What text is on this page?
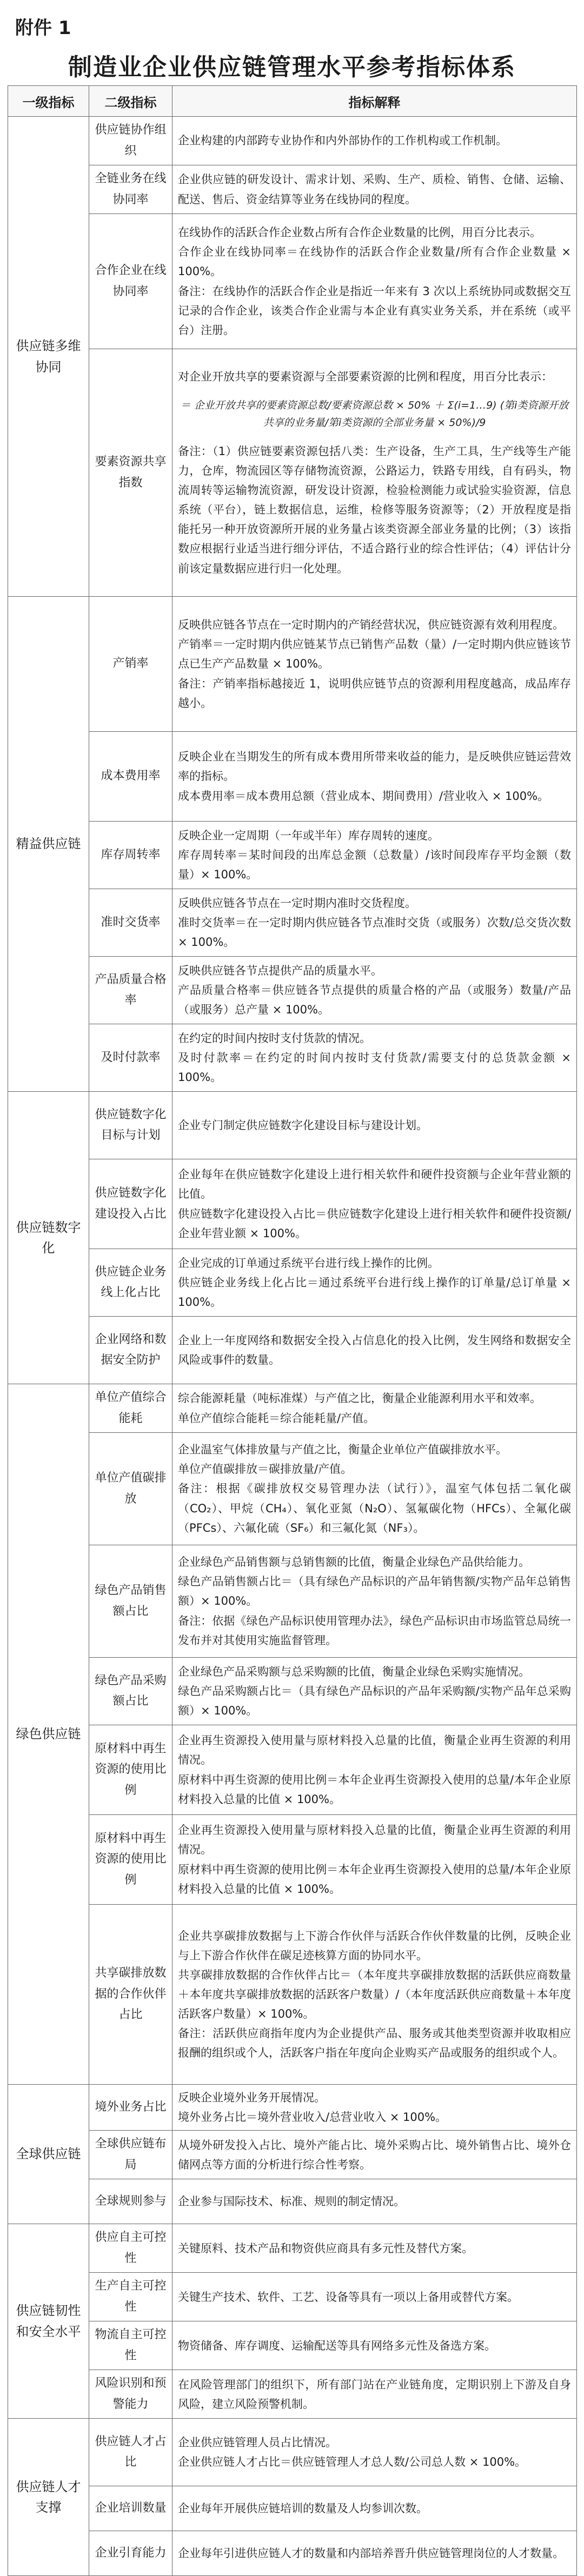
附件 1
制造业企业供应链管理水平参考指标体系
一级指标	二级指标	指标解释
供应链多维协同	供应链协作组织	企业构建的内部跨专业协作和内外部协作的工作机构或工作机制。

	全链业务在线协同率	企业供应链的研发设计、需求计划、采购、生产、质检、销售、仓储、运输、配送、售后、资金结算等业务在线协同的程度。

	合作企业在线协同率	在线协作的活跃合作企业数占所有合作企业数量的比例，用百分比表示。
合作企业在线协同率＝在线协作的活跃合作企业数量/所有合作企业数量 × 100%。
备注：在线协作的活跃合作企业是指近一年来有 3 次以上系统协同或数据交互记录的合作企业，该类合作企业需与本企业有真实业务关系，并在系统（或平台）注册。

	要素资源共享指数	对企业开放共享的要素资源与全部要素资源的比例和程度，用百分比表示：
＝ 企业开放共享的要素资源总数/要素资源总数 × 50% ＋ Σ(i=1…9) (第i类资源开放共享的业务量/第i类资源的全部业务量 × 50%)/9
备注：（1）供应链要素资源包括八类：生产设备，生产工具，生产线等生产能力，仓库，物流园区等存储物流资源，公路运力，铁路专用线，自有码头，物流周转等运输物流资源，研发设计资源，检验检测能力或试验实验资源，信息系统（平台），链上数据信息，运维，检修等服务资源等；（2）开放程度是指能托另一种开放资源所开展的业务量占该类资源全部业务量的比例；（3）该指数应根据行业适当进行细分评估，不适合路行业的综合性评估；（4）评估计分前该定量数据应进行归一化处理。

精益供应链	产销率	反映供应链各节点在一定时期内的产销经营状况，供应链资源有效利用程度。
产销率＝一定时期内供应链某节点已销售产品数（量）/一定时期内供应链该节点已生产产品数量 × 100%。
备注：产销率指标越接近 1，说明供应链节点的资源利用程度越高，成品库存越小。

	成本费用率	反映企业在当期发生的所有成本费用所带来收益的能力，是反映供应链运营效率的指标。
成本费用率＝成本费用总额（营业成本、期间费用）/营业收入 × 100%。

	库存周转率	反映企业一定周期（一年或半年）库存周转的速度。
库存周转率＝某时间段的出库总金额（总数量）/该时间段库存平均金额（数量）× 100%。

	准时交货率	反映供应链各节点在一定时期内准时交货程度。
准时交货率＝在一定时期内供应链各节点准时交货（或服务）次数/总交货次数 × 100%。

	产品质量合格率	反映供应链各节点提供产品的质量水平。
产品质量合格率＝供应链各节点提供的质量合格的产品（或服务）数量/产品（或服务）总产量 × 100%。

	及时付款率	在约定的时间内按时支付货款的情况。
及时付款率＝在约定的时间内按时支付货款/需要支付的总货款金额 × 100%。

供应链数字化	供应链数字化目标与计划	企业专门制定供应链数字化建设目标与建设计划。

	供应链数字化建设投入占比	企业每年在供应链数字化建设上进行相关软件和硬件投资额与企业年营业额的比值。
供应链数字化建设投入占比＝供应链数字化建设上进行相关软件和硬件投资额/企业年营业额 × 100%。

	供应链企业务线上化占比	企业完成的订单通过系统平台进行线上操作的比例。
供应链企业务线上化占比＝通过系统平台进行线上操作的订单量/总订单量 × 100%。

	企业网络和数据安全防护	企业上一年度网络和数据安全投入占信息化的投入比例，发生网络和数据安全风险或事件的数量。

绿色供应链	单位产值综合能耗	综合能源耗量（吨标准煤）与产值之比，衡量企业能源利用水平和效率。
单位产值综合能耗＝综合能耗量/产值。

	单位产值碳排放	企业温室气体排放量与产值之比，衡量企业单位产值碳排放水平。
单位产值碳排放＝碳排放量/产值。
备注：根据《碳排放权交易管理办法（试行）》，温室气体包括二氧化碳（CO₂）、甲烷（CH₄）、氧化亚氮（N₂O）、氢氟碳化物（HFCs）、全氟化碳（PFCs）、六氟化硫（SF₆）和三氟化氮（NF₃）。

	绿色产品销售额占比	企业绿色产品销售额与总销售额的比值，衡量企业绿色产品供给能力。
绿色产品销售额占比＝（具有绿色产品标识的产品年销售额/实物产品年总销售额）× 100%。
备注：依据《绿色产品标识使用管理办法》，绿色产品标识由市场监管总局统一发布并对其使用实施监督管理。

	绿色产品采购额占比	企业绿色产品采购额与总采购额的比值，衡量企业绿色采购实施情况。
绿色产品采购额占比＝（具有绿色产品标识的产品年采购额/实物产品年总采购额）× 100%。

	原材料中再生资源的使用比例	企业再生资源投入使用量与原材料投入总量的比值，衡量企业再生资源的利用情况。
原材料中再生资源的使用比例＝本年企业再生资源投入使用的总量/本年企业原材料投入总量的比值 × 100%。

	原材料中再生资源的使用比例	企业再生资源投入使用量与原材料投入总量的比值，衡量企业再生资源的利用情况。
原材料中再生资源的使用比例＝本年企业再生资源投入使用的总量/本年企业原材料投入总量的比值 × 100%。

	共享碳排放数据的合作伙伴占比	企业共享碳排放数据与上下游合作伙伴与活跃合作伙伴数量的比例，反映企业与上下游合作伙伴在碳足迹核算方面的协同水平。
共享碳排放数据的合作伙伴占比＝（本年度共享碳排放数据的活跃供应商数量＋本年度共享碳排放数据的活跃客户数量）/（本年度活跃供应商数量＋本年度活跃客户数量）× 100%。
备注：活跃供应商指年度内为企业提供产品、服务或其他类型资源并收取相应报酬的组织或个人，活跃客户指在年度向企业购买产品或服务的组织或个人。

全球供应链	境外业务占比	反映企业境外业务开展情况。
境外业务占比＝境外营业收入/总营业收入 × 100%。

	全球供应链布局	从境外研发投入占比、境外产能占比、境外采购占比、境外销售占比、境外仓储网点等方面的分析进行综合性考察。

	全球规则参与	企业参与国际技术、标准、规则的制定情况。

供应链韧性和安全水平	供应自主可控性	关键原料、技术产品和物资供应商具有多元性及替代方案。

	生产自主可控性	关键生产技术、软件、工艺、设备等具有一项以上备用或替代方案。

	物流自主可控性	物资储备、库存调度、运输配送等具有网络多元性及备选方案。

	风险识别和预警能力	在风险管理部门的组织下，所有部门站在产业链角度，定期识别上下游及自身风险，建立风险预警机制。

供应链人才支撑	供应链人才占比	企业供应链管理人员占比情况。
企业供应链人才占比＝供应链管理人才总人数/公司总人数 × 100%。

	企业培训数量	企业每年开展供应链培训的数量及人均参训次数。

	企业引育能力	企业每年引进供应链人才的数量和内部培养晋升供应链管理岗位的人才数量。
